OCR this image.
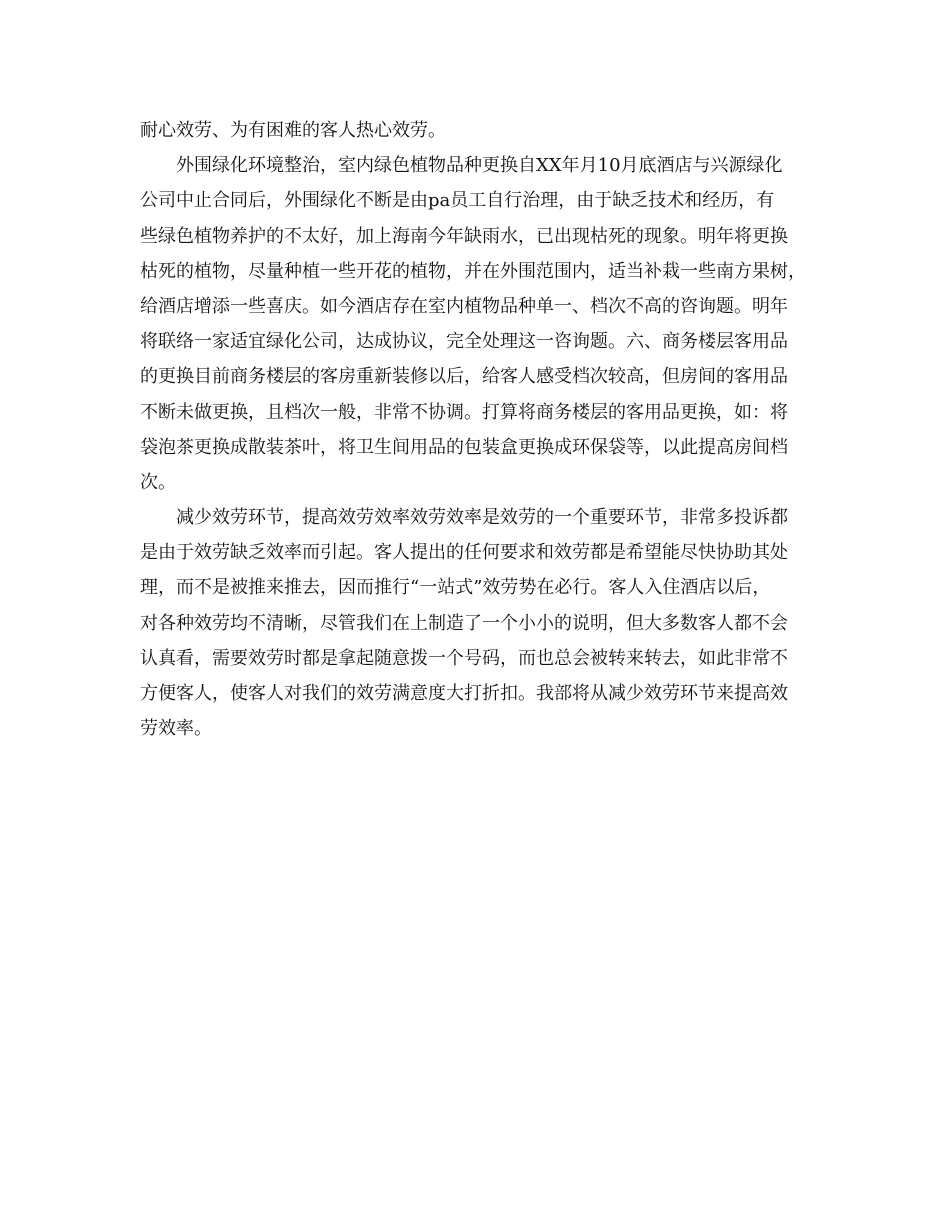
耐心效劳、为有困难的客人热心效劳。
外围绿化环境整治，室内绿色植物品种更换自XX年月10月底酒店与兴源绿化
公司中止合同后，外围绿化不断是由pa员工自行治理，由于缺乏技术和经历，有
些绿色植物养护的不太好，加上海南今年缺雨水，已出现枯死的现象。明年将更换
枯死的植物，尽量种植一些开花的植物，并在外围范围内，适当补栽一些南方果树，
给酒店增添一些喜庆。如今酒店存在室内植物品种单一、档次不高的咨询题。明年
将联络一家适宜绿化公司，达成协议，完全处理这一咨询题。六、商务楼层客用品
的更换目前商务楼层的客房重新装修以后，给客人感受档次较高，但房间的客用品
不断未做更换，且档次一般，非常不协调。打算将商务楼层的客用品更换，如：将
袋泡茶更换成散装茶叶，将卫生间用品的包装盒更换成环保袋等，以此提高房间档
次。
减少效劳环节，提高效劳效率效劳效率是效劳的一个重要环节，非常多投诉都
是由于效劳缺乏效率而引起。客人提出的任何要求和效劳都是希望能尽快协助其处
理，而不是被推来推去，因而推行“一站式”效劳势在必行。客人入住酒店以后，
对各种效劳均不清晰，尽管我们在上制造了一个小小的说明，但大多数客人都不会
认真看，需要效劳时都是拿起随意拨一个号码，而也总会被转来转去，如此非常不
方便客人，使客人对我们的效劳满意度大打折扣。我部将从减少效劳环节来提高效
劳效率。
